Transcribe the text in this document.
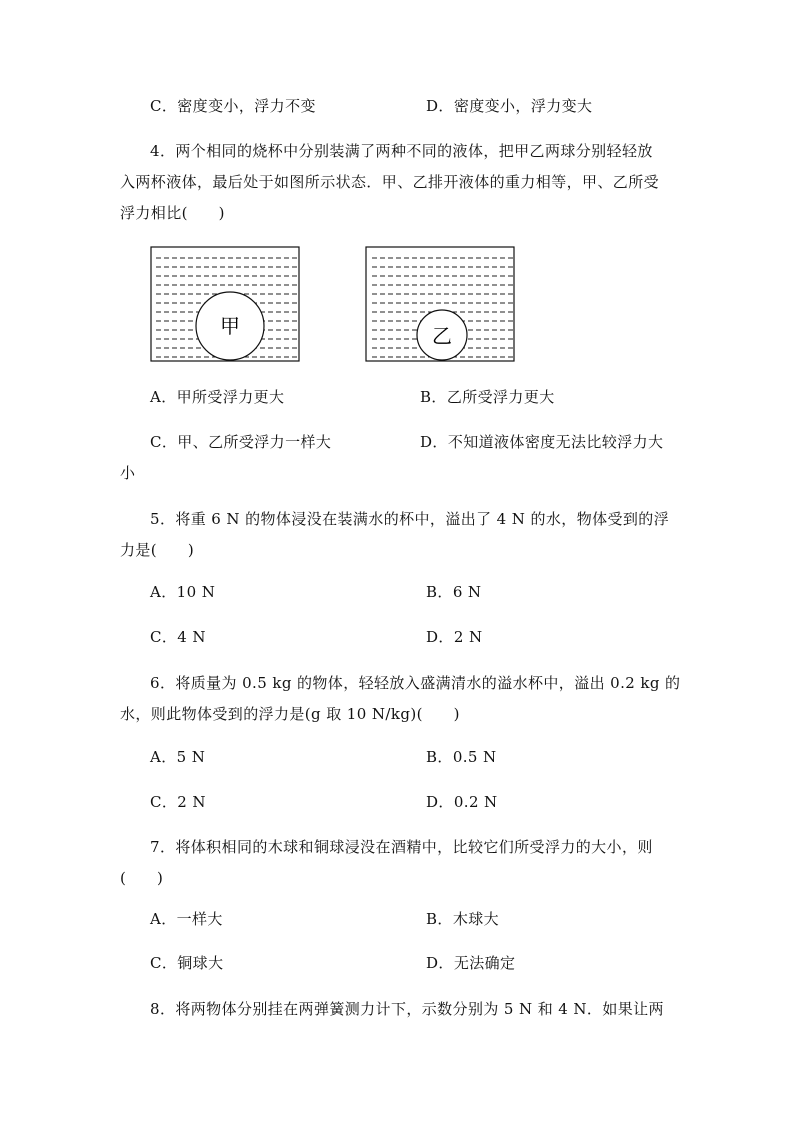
C．密度变小，浮力不变	D．密度变小，浮力变大
4．两个相同的烧杯中分别装满了两种不同的液体，把甲乙两球分别轻轻放
入两杯液体，最后处于如图所示状态．甲、乙排开液体的重力相等，甲、乙所受
浮力相比(　　)
甲	乙
A．甲所受浮力更大	B．乙所受浮力更大
C．甲、乙所受浮力一样大	D．不知道液体密度无法比较浮力大
小
5．将重 6 N 的物体浸没在装满水的杯中，溢出了 4 N 的水，物体受到的浮
力是(　　)
A．10 N	B．6 N
C．4 N	D．2 N
6．将质量为 0.5 kg 的物体，轻轻放入盛满清水的溢水杯中，溢出 0.2 kg 的
水，则此物体受到的浮力是(g 取 10 N/kg)(　　)
A．5 N	B．0.5 N
C．2 N	D．0.2 N
7．将体积相同的木球和铜球浸没在酒精中，比较它们所受浮力的大小，则
(　　)
A．一样大	B．木球大
C．铜球大	D．无法确定
8．将两物体分别挂在两弹簧测力计下，示数分别为 5 N 和 4 N．如果让两
